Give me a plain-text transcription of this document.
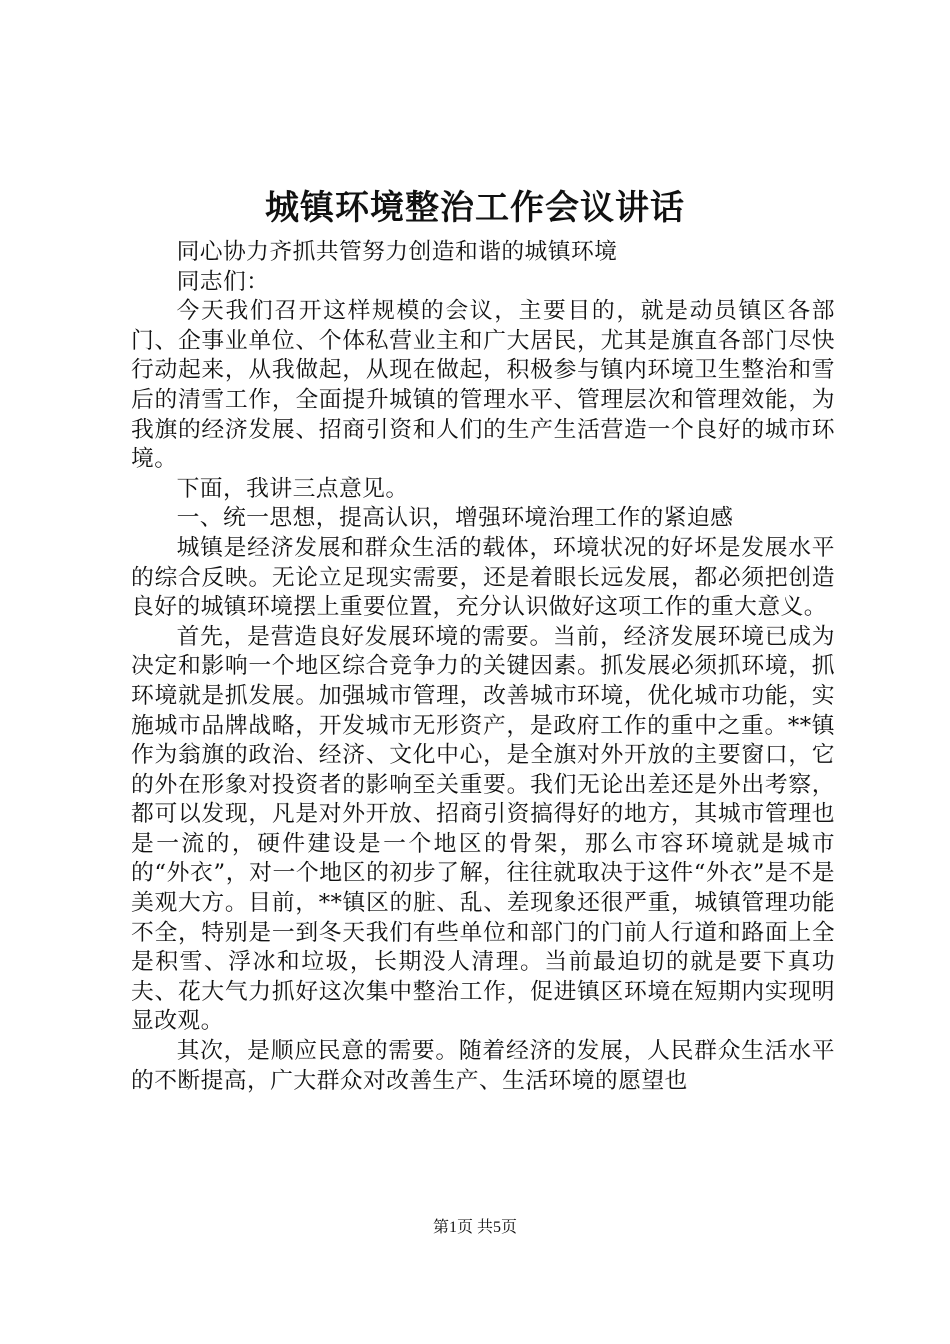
城镇环境整治工作会议讲话

同心协力齐抓共管努力创造和谐的城镇环境

同志们：

今天我们召开这样规模的会议，主要目的，就是动员镇区各部门、企事业单位、个体私营业主和广大居民，尤其是旗直各部门尽快行动起来，从我做起，从现在做起，积极参与镇内环境卫生整治和雪后的清雪工作，全面提升城镇的管理水平、管理层次和管理效能，为我旗的经济发展、招商引资和人们的生产生活营造一个良好的城市环境。

下面，我讲三点意见。

一、统一思想，提高认识，增强环境治理工作的紧迫感

城镇是经济发展和群众生活的载体，环境状况的好坏是发展水平的综合反映。无论立足现实需要，还是着眼长远发展，都必须把创造良好的城镇环境摆上重要位置，充分认识做好这项工作的重大意义。

首先，是营造良好发展环境的需要。当前，经济发展环境已成为决定和影响一个地区综合竞争力的关键因素。抓发展必须抓环境，抓环境就是抓发展。加强城市管理，改善城市环境，优化城市功能，实施城市品牌战略，开发城市无形资产，是政府工作的重中之重。**镇作为翁旗的政治、经济、文化中心，是全旗对外开放的主要窗口，它的外在形象对投资者的影响至关重要。我们无论出差还是外出考察，都可以发现，凡是对外开放、招商引资搞得好的地方，其城市管理也是一流的，硬件建设是一个地区的骨架，那么市容环境就是城市的“外衣”，对一个地区的初步了解，往往就取决于这件“外衣”是不是美观大方。目前，**镇区的脏、乱、差现象还很严重，城镇管理功能不全，特别是一到冬天我们有些单位和部门的门前人行道和路面上全是积雪、浮冰和垃圾，长期没人清理。当前最迫切的就是要下真功夫、花大气力抓好这次集中整治工作，促进镇区环境在短期内实现明显改观。

其次，是顺应民意的需要。随着经济的发展，人民群众生活水平的不断提高，广大群众对改善生产、生活环境的愿望也

第1页 共5页
